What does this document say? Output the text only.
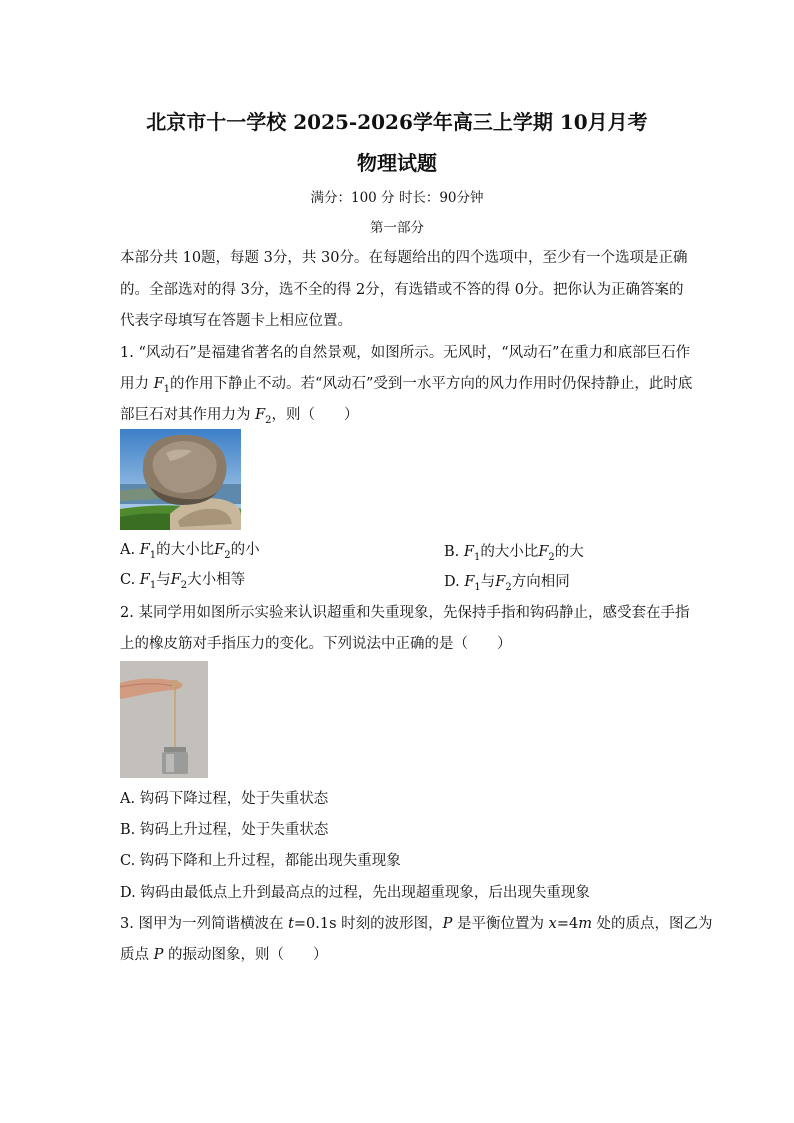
北京市十一学校 2025-2026学年高三上学期 10月月考
物理试题
满分：100 分 时长：90分钟
第一部分
本部分共 10题，每题 3分，共 30分。在每题给出的四个选项中，至少有一个选项是正确
的。全部选对的得 3分，选不全的得 2分，有选错或不答的得 0分。把你认为正确答案的
代表字母填写在答题卡上相应位置。
1. “风动石”是福建省著名的自然景观，如图所示。无风时，“风动石”在重力和底部巨石作
用力 $F_1$的作用下静止不动。若“风动石”受到一水平方向的风力作用时仍保持静止，此时底
部巨石对其作用力为 $F_2$，则（　　）
A. $F_1$的大小比$F_2$的小	B. $F_1$的大小比$F_2$的大
C. $F_1$与$F_2$大小相等	D. $F_1$与$F_2$方向相同
2. 某同学用如图所示实验来认识超重和失重现象，先保持手指和钩码静止，感受套在手指
上的橡皮筋对手指压力的变化。下列说法中正确的是（　　）
A. 钩码下降过程，处于失重状态
B. 钩码上升过程，处于失重状态
C. 钩码下降和上升过程，都能出现失重现象
D. 钩码由最低点上升到最高点的过程，先出现超重现象，后出现失重现象
3. 图甲为一列简谐横波在 t=0.1s 时刻的波形图，P 是平衡位置为 x=4m 处的质点，图乙为
质点 P 的振动图象，则（　　）
